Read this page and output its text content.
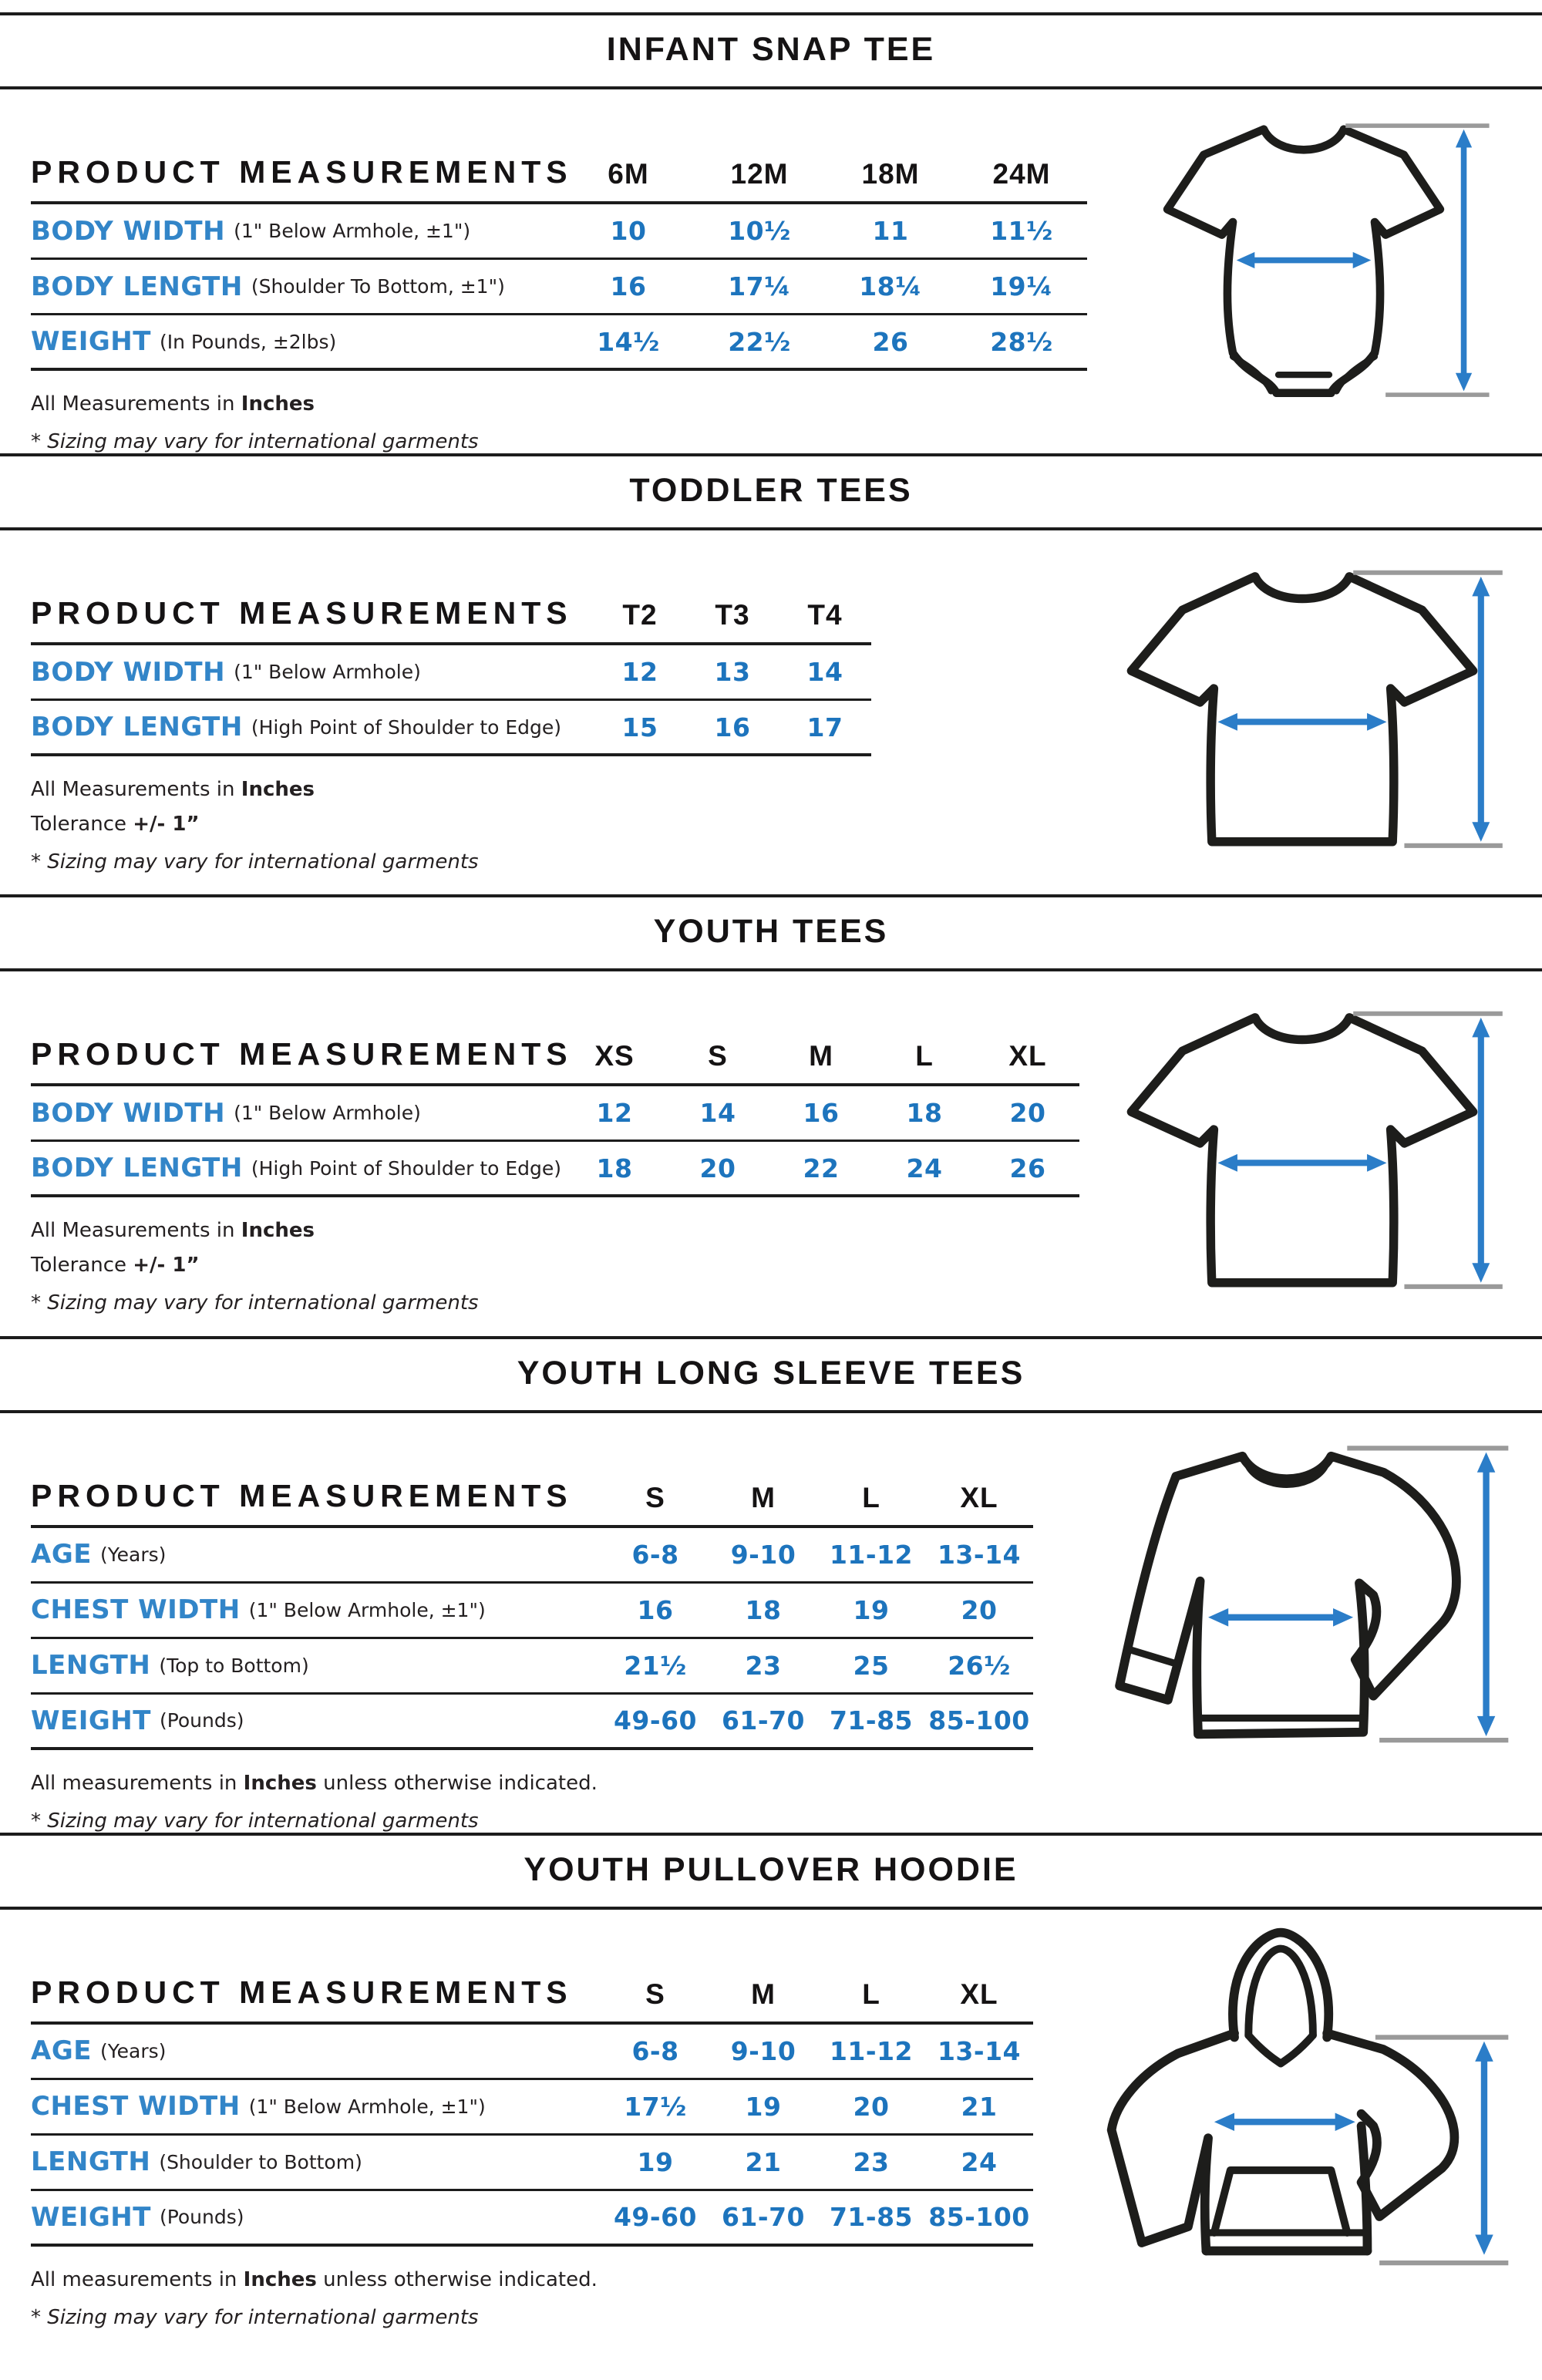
INFANT SNAP TEE
PRODUCT MEASUREMENTS	6M	12M	18M	24M
BODY WIDTH (1" Below Armhole, ±1")	10	10½	11	11½
BODY LENGTH (Shoulder To Bottom, ±1")	16	17¼	18¼	19¼
WEIGHT (In Pounds, ±2lbs)	14½	22½	26	28½

All Measurements in Inches

* Sizing may vary for international garments

TODDLER TEES
PRODUCT MEASUREMENTS	T2	T3	T4
BODY WIDTH (1" Below Armhole)	12	13	14
BODY LENGTH (High Point of Shoulder to Edge)	15	16	17

All Measurements in Inches

Tolerance +/- 1”

* Sizing may vary for international garments

YOUTH TEES
PRODUCT MEASUREMENTS XS	S	M	L	XL
BODY WIDTH (1" Below Armhole)	12	14	16	18	20
BODY LENGTH (High Point of Shoulder to Edge)	18	20	22	24	26

All Measurements in Inches

Tolerance +/- 1”

* Sizing may vary for international garments

YOUTH LONG SLEEVE TEES
PRODUCT MEASUREMENTS	S	M	L	XL
AGE (Years)	6-8	9-10	11-12 13-14
CHEST WIDTH (1" Below Armhole, ±1")	16	18	19	20
LENGTH (Top to Bottom)	21½	23	25	26½
WEIGHT (Pounds)	49-60 61-70 71-85 85-100

All measurements in Inches unless otherwise indicated.

* Sizing may vary for international garments

YOUTH PULLOVER HOODIE
PRODUCT MEASUREMENTS	S	M	L	XL
AGE (Years)	6-8	9-10	11-12 13-14
CHEST WIDTH (1" Below Armhole, ±1")	17½	19	20	21
LENGTH (Shoulder to Bottom)	19	21	23	24
WEIGHT (Pounds)	49-60 61-70 71-85 85-100

All measurements in Inches unless otherwise indicated.

* Sizing may vary for international garments
